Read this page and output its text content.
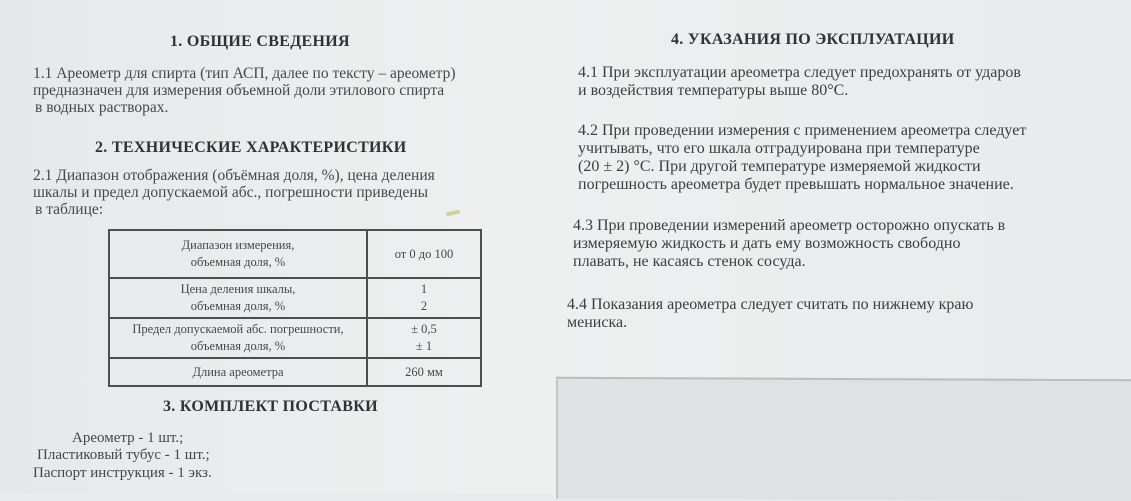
1. ОБЩИЕ СВЕДЕНИЯ
1.1 Ареометр для спирта (тип АСП, далее по тексту – ареометр)
предназначен для измерения объемной доли этилового спирта
в водных растворах.
2. ТЕХНИЧЕСКИЕ ХАРАКТЕРИСТИКИ
2.1 Диапазон отображения (объёмная доля, %), цена деления
шкалы и предел допускаемой абс., погрешности приведены
в таблице:
Диапазон измерения,
объемная доля, %	от 0 до 100
Цена деления шкалы,
объемная доля, %	1
2
Предел допускаемой абс. погрешности,
объемная доля, %	± 0,5
± 1
Длина ареометра	260 мм
3. КОМПЛЕКТ ПОСТАВКИ
Ареометр - 1 шт.;
Пластиковый тубус - 1 шт.;
Паспорт инструкция - 1 экз.
4. УКАЗАНИЯ ПО ЭКСПЛУАТАЦИИ
4.1 При эксплуатации ареометра следует предохранять от ударов
и воздействия температуры выше 80°С.
4.2 При проведении измерения с применением ареометра следует
учитывать, что его шкала отградуирована при температуре
(20 ± 2) °С. При другой температуре измеряемой жидкости
погрешность ареометра будет превышать нормальное значение.
4.3 При проведении измерений ареометр осторожно опускать в
измеряемую жидкость и дать ему возможность свободно
плавать, не касаясь стенок сосуда.
4.4 Показания ареометра следует считать по нижнему краю
мениска.
